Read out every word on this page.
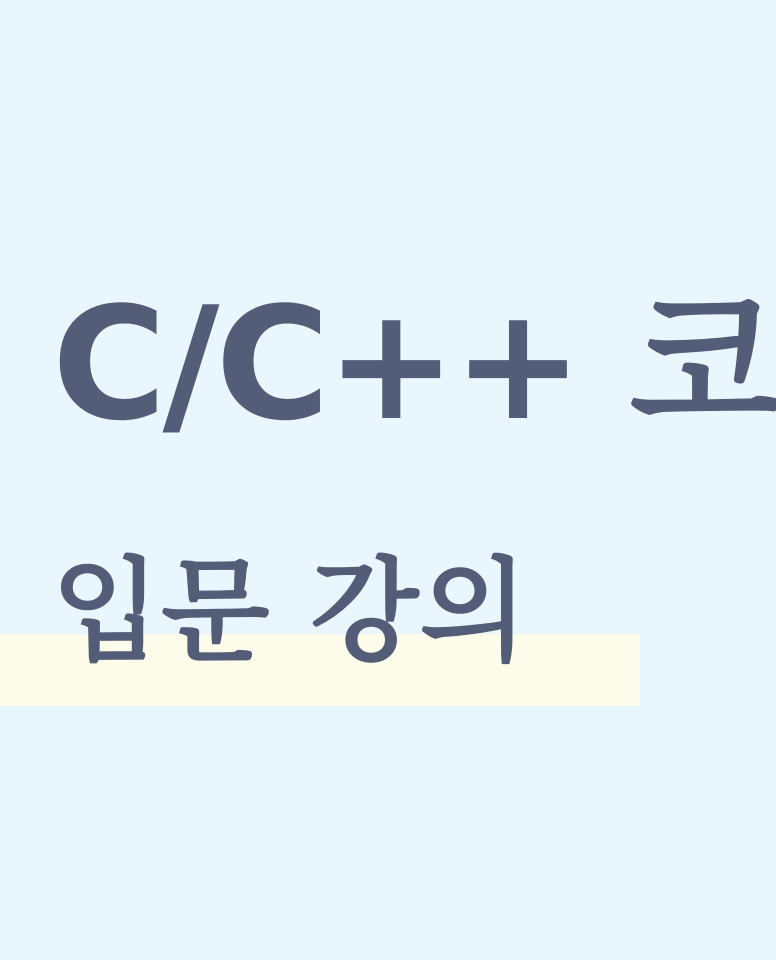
C/C++ 코
입문 강의
